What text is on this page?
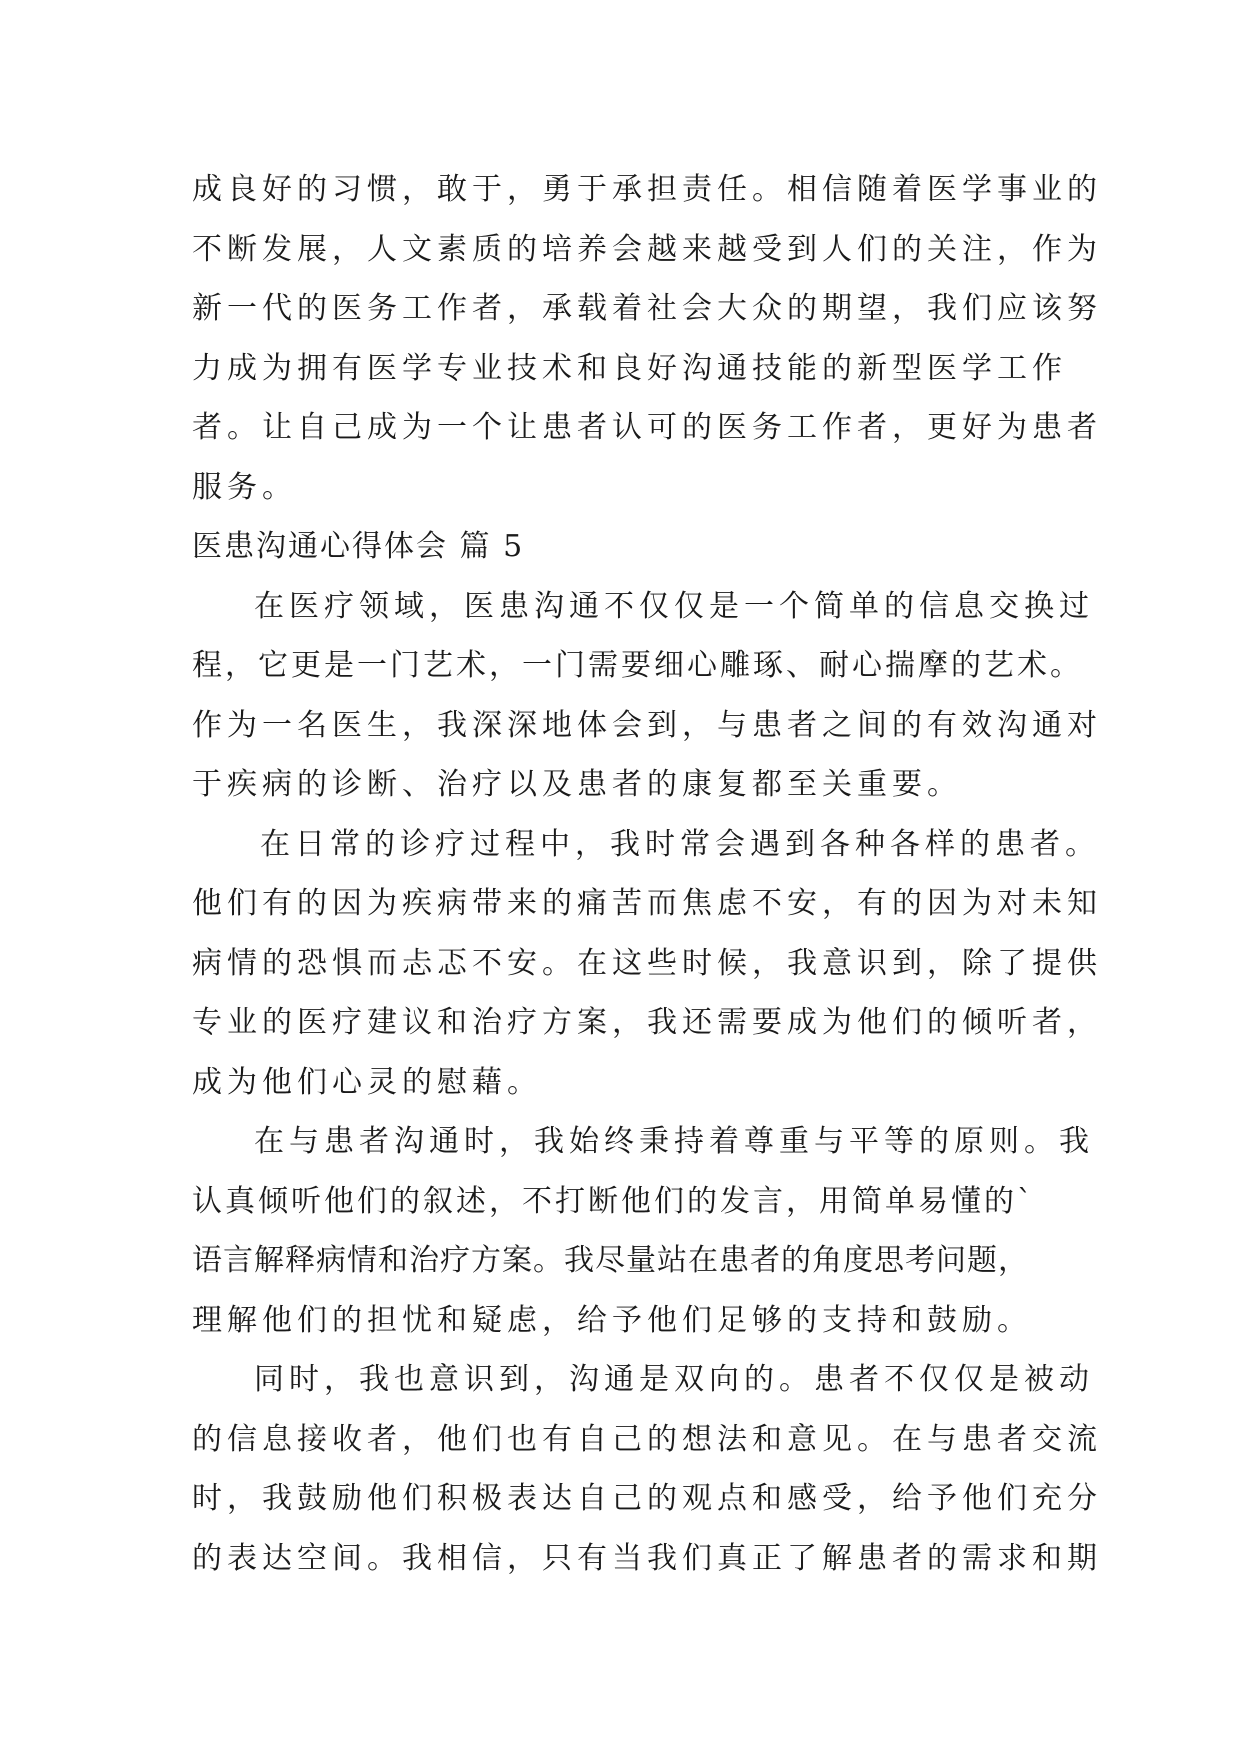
成良好的习惯，敢于，勇于承担责任。相信随着医学事业的
不断发展，人文素质的培养会越来越受到人们的关注，作为
新一代的医务工作者，承载着社会大众的期望，我们应该努
力成为拥有医学专业技术和良好沟通技能的新型医学工作
者。让自己成为一个让患者认可的医务工作者，更好为患者
服务。
医患沟通心得体会 篇 5
在医疗领域，医患沟通不仅仅是一个简单的信息交换过
程，它更是一门艺术，一门需要细心雕琢、耐心揣摩的艺术。
作为一名医生，我深深地体会到，与患者之间的有效沟通对
于疾病的诊断、治疗以及患者的康复都至关重要。
在日常的诊疗过程中，我时常会遇到各种各样的患者。
他们有的因为疾病带来的痛苦而焦虑不安，有的因为对未知
病情的恐惧而忐忑不安。在这些时候，我意识到，除了提供
专业的医疗建议和治疗方案，我还需要成为他们的倾听者，
成为他们心灵的慰藉。
在与患者沟通时，我始终秉持着尊重与平等的原则。我
认真倾听他们的叙述，不打断他们的发言，用简单易懂的`
语言解释病情和治疗方案。我尽量站在患者的角度思考问题，
理解他们的担忧和疑虑，给予他们足够的支持和鼓励。
同时，我也意识到，沟通是双向的。患者不仅仅是被动
的信息接收者，他们也有自己的想法和意见。在与患者交流
时，我鼓励他们积极表达自己的观点和感受，给予他们充分
的表达空间。我相信，只有当我们真正了解患者的需求和期
